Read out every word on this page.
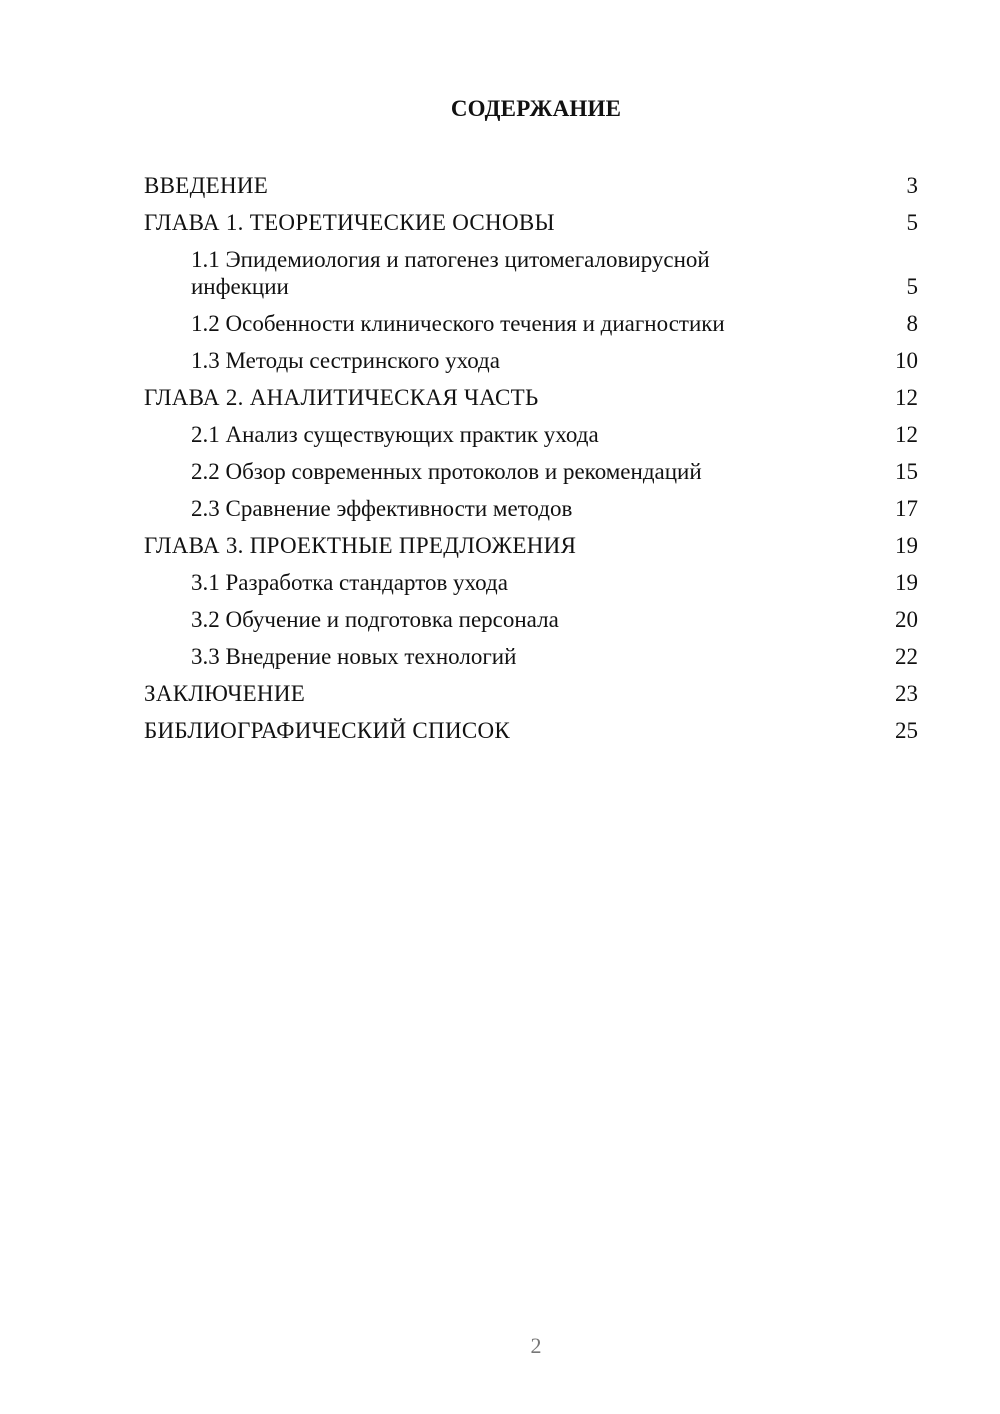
СОДЕРЖАНИЕ
ВВЕДЕНИЕ	3
ГЛАВА 1. ТЕОРЕТИЧЕСКИЕ ОСНОВЫ	5
1.1 Эпидемиология и патогенез цитомегаловирусной инфекции	5
1.2 Особенности клинического течения и диагностики	8
1.3 Методы сестринского ухода	10
ГЛАВА 2. АНАЛИТИЧЕСКАЯ ЧАСТЬ	12
2.1 Анализ существующих практик ухода	12
2.2 Обзор современных протоколов и рекомендаций	15
2.3 Сравнение эффективности методов	17
ГЛАВА 3. ПРОЕКТНЫЕ ПРЕДЛОЖЕНИЯ	19
3.1 Разработка стандартов ухода	19
3.2 Обучение и подготовка персонала	20
3.3 Внедрение новых технологий	22
ЗАКЛЮЧЕНИЕ	23
БИБЛИОГРАФИЧЕСКИЙ СПИСОК	25
2
